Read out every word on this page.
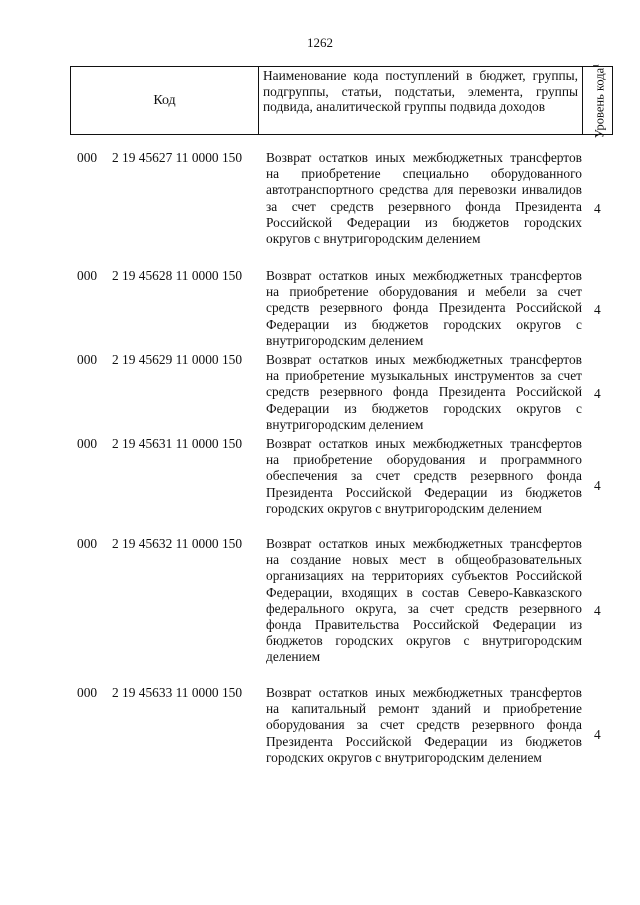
1262
Код
Наименование кода поступлений в бюджет, группы, подгруппы, статьи, подстатьи, элемента, группы подвида, аналитической группы подвида доходов	Уровень кода$^1$
000 2 19 45627 11 0000 150 Возврат остатков иных межбюджетных трансфертов на приобретение специально оборудованного автотранспортного средства для перевозки инвалидов за счет средств резервного фонда Президента Российской Федерации из бюджетов городских округов с внутригородским делением
4
000 2 19 45628 11 0000 150 Возврат остатков иных межбюджетных трансфертов на приобретение оборудования и мебели за счет средств резервного фонда Президента Российской Федерации из бюджетов городских округов с внутригородским делением
4
000 2 19 45629 11 0000 150 Возврат остатков иных межбюджетных трансфертов на приобретение музыкальных инструментов за счет средств резервного фонда Президента Российской Федерации из бюджетов городских округов с внутригородским делением
4
000 2 19 45631 11 0000 150 Возврат остатков иных межбюджетных трансфертов на приобретение оборудования и программного обеспечения за счет средств резервного фонда Президента Российской Федерации из бюджетов городских округов с внутригородским делением
4
000 2 19 45632 11 0000 150 Возврат остатков иных межбюджетных трансфертов на создание новых мест в общеобразовательных организациях на территориях субъектов Российской Федерации, входящих в состав Северо-Кавказского федерального округа, за счет средств резервного фонда Правительства Российской Федерации из бюджетов городских округов с внутригородским делением
4
000 2 19 45633 11 0000 150 Возврат остатков иных межбюджетных трансфертов на капитальный ремонт зданий и приобретение оборудования за счет средств резервного фонда Президента Российской Федерации из бюджетов городских округов с внутригородским делением
4
